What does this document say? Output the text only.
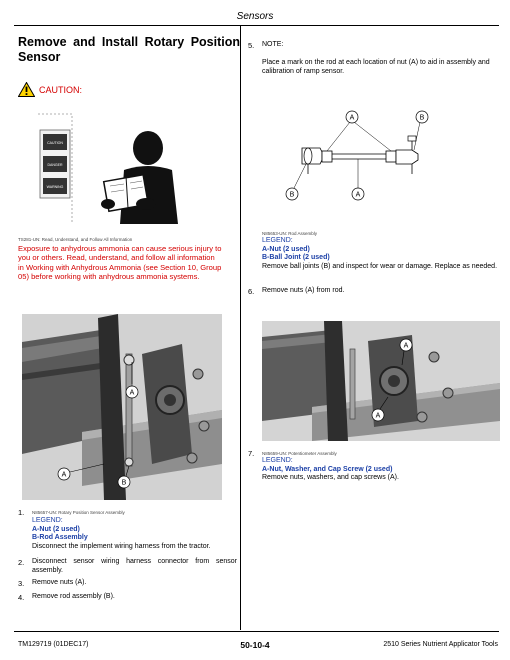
Sensors
Remove and Install Rotary Position
Sensor
CAUTION:
CAUTION
DANGER
WARNING
TS281-UN: Read, Understand, and Follow All Information
Exposure to anhydrous ammonia can cause serious injury to
you or others. Read, understand, and follow all information
in Working with Anhydrous Ammonia (see Section 10, Group
05) before working with anhydrous ammonia systems.
A
A
B
1. N85657-UN: Rotary Position Sensor Assembly
LEGEND:
A-Nut (2 used)
B-Rod Assembly
Disconnect the implement wiring harness from the tractor.
2. Disconnect sensor wiring harness connector from sensor assembly.
3. Remove nuts (A).
4. Remove rod assembly (B).
5. NOTE:
Place a mark on the rod at each location of nut (A) to aid in assembly and calibration of ramp sensor.
A	B
B	A
N85653-UN: Rod Assembly
LEGEND:
A-Nut (2 used)
B-Ball Joint (2 used)
Remove ball joints (B) and inspect for wear or damage. Replace as needed.
6. Remove nuts (A) from rod.
A
A
7. N85659-UN: Potentiometer Assembly
LEGEND:
A-Nut, Washer, and Cap Screw (2 used)
Remove nuts, washers, and cap screws (A).
TM129719 (01DEC17)	50-10-4	2510 Series Nutrient Applicator Tools
